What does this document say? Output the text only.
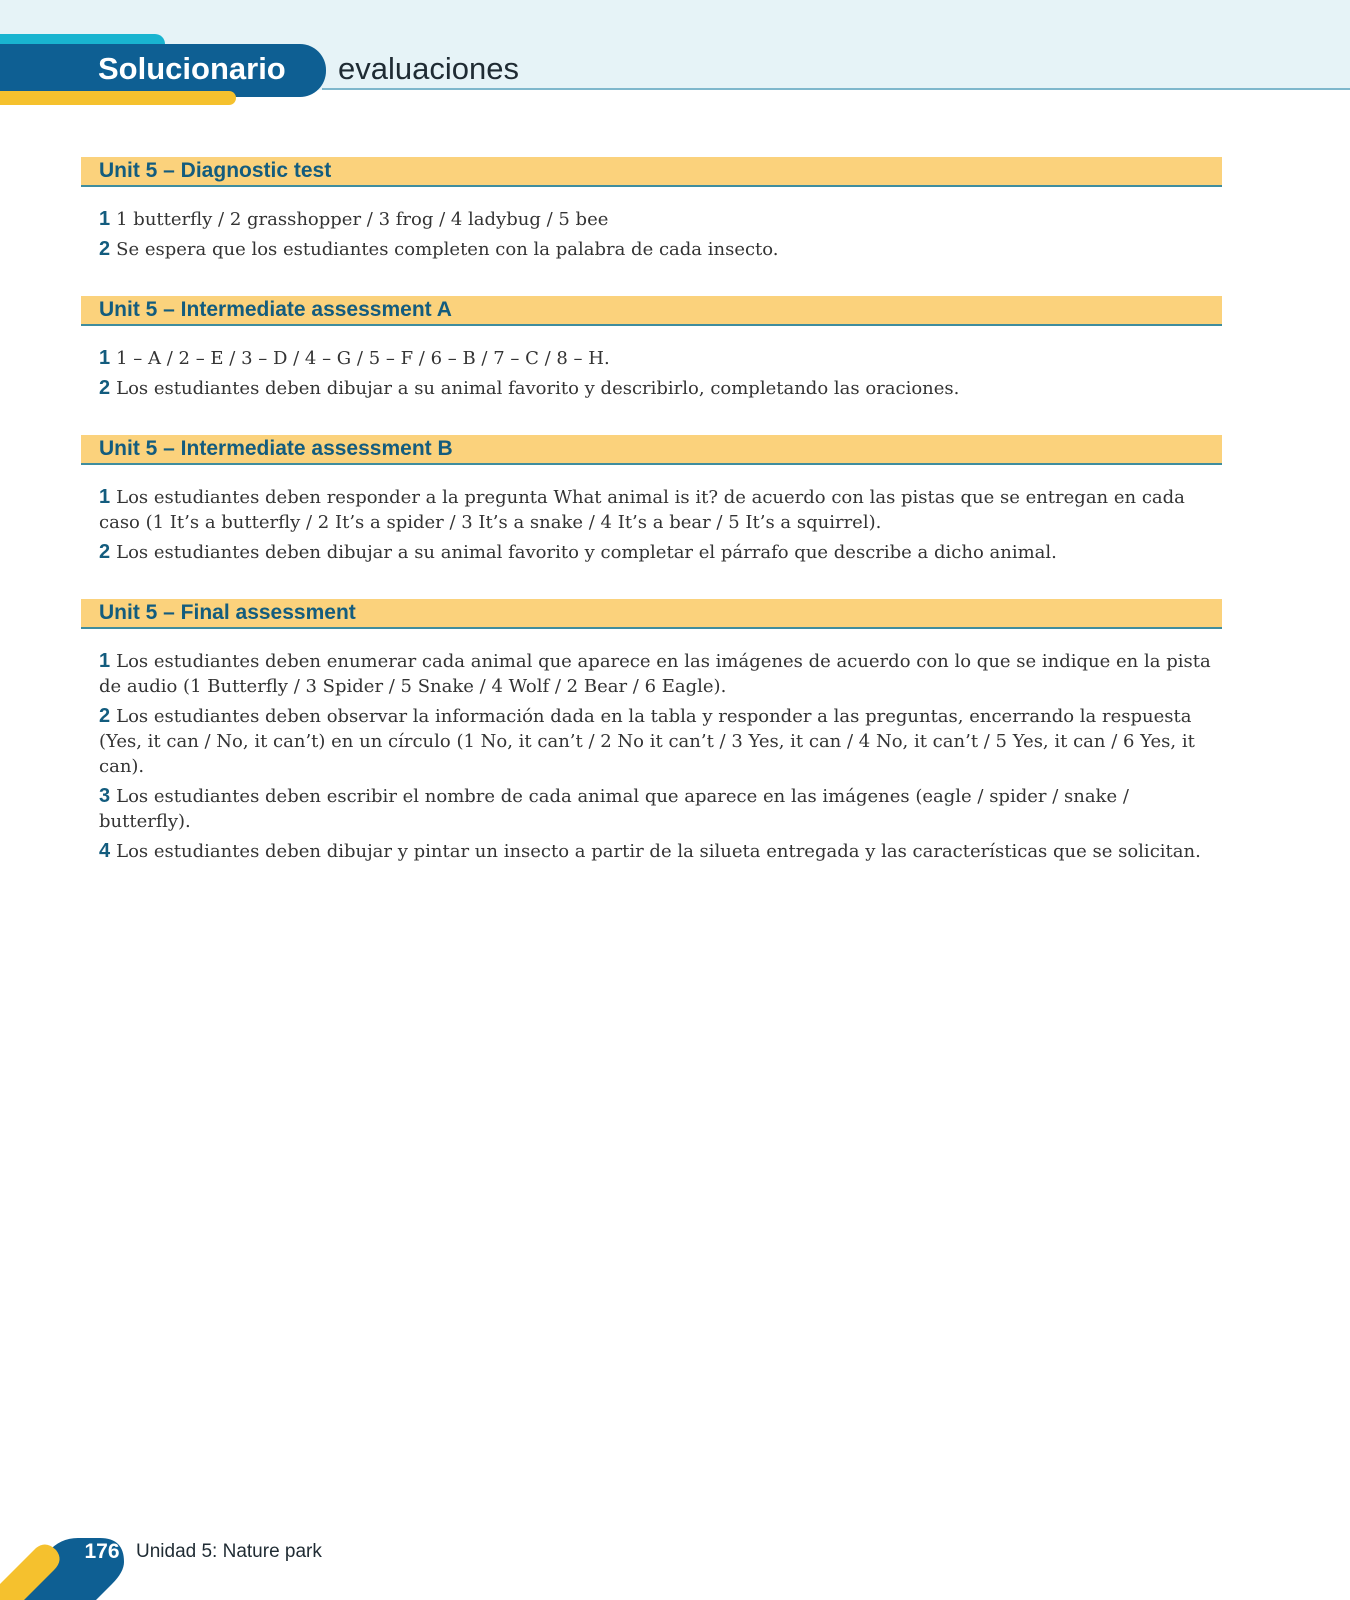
Solucionario evaluaciones
Unit 5 – Diagnostic test
1 1 butterfly / 2 grasshopper / 3 frog / 4 ladybug / 5 bee
2 Se espera que los estudiantes completen con la palabra de cada insecto.
Unit 5 – Intermediate assessment A
1 1 – A / 2 – E / 3 – D / 4 – G / 5 – F / 6 – B / 7 – C / 8 – H.
2 Los estudiantes deben dibujar a su animal favorito y describirlo, completando las oraciones.
Unit 5 – Intermediate assessment B
1 Los estudiantes deben responder a la pregunta What animal is it? de acuerdo con las pistas que se entregan en cada caso (1 It’s a butterfly / 2 It’s a spider / 3 It’s a snake / 4 It’s a bear / 5 It’s a squirrel).
2 Los estudiantes deben dibujar a su animal favorito y completar el párrafo que describe a dicho animal.
Unit 5 – Final assessment
1 Los estudiantes deben enumerar cada animal que aparece en las imágenes de acuerdo con lo que se indique en la pista de audio (1 Butterfly / 3 Spider / 5 Snake / 4 Wolf / 2 Bear / 6 Eagle).
2 Los estudiantes deben observar la información dada en la tabla y responder a las preguntas, encerrando la respuesta (Yes, it can / No, it can’t) en un círculo (1 No, it can’t / 2 No it can’t / 3 Yes, it can / 4 No, it can’t / 5 Yes, it can / 6 Yes, it can).
3 Los estudiantes deben escribir el nombre de cada animal que aparece en las imágenes (eagle / spider / snake / butterfly).
4 Los estudiantes deben dibujar y pintar un insecto a partir de la silueta entregada y las características que se solicitan.
176 Unidad 5: Nature park
